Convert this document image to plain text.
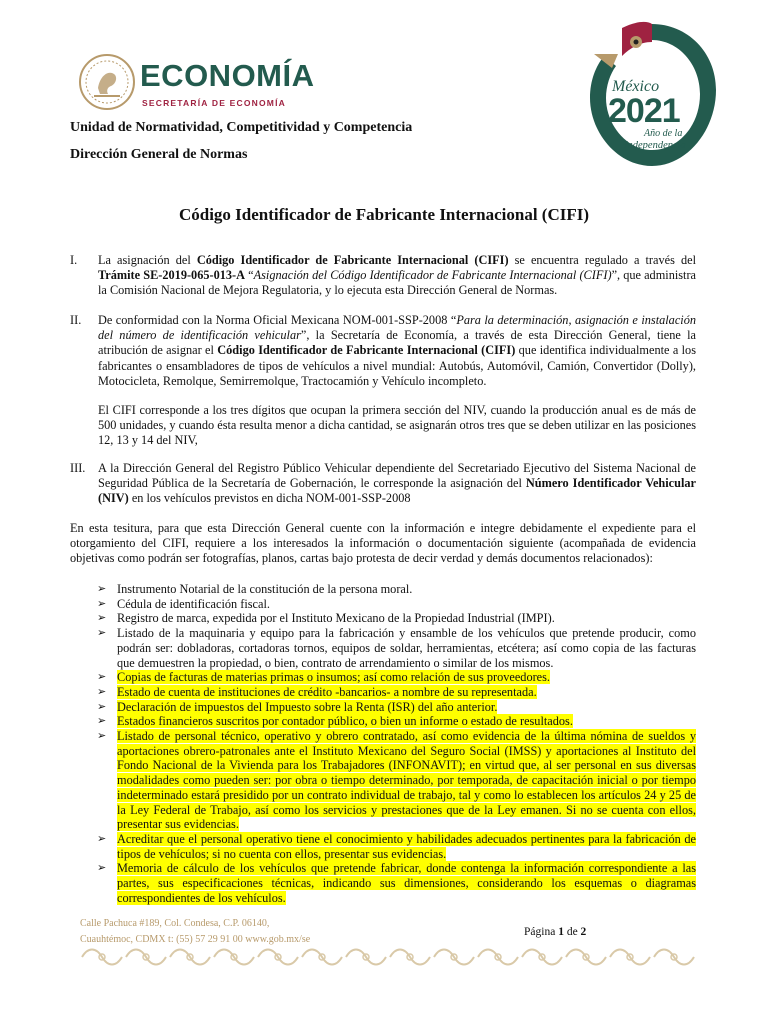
ECONOMÍA
SECRETARÍA DE ECONOMÍA
México
2021
Año de la
Independencia
Unidad de Normatividad, Competitividad y Competencia
Dirección General de Normas
Código Identificador de Fabricante Internacional (CIFI)
I. La asignación del Código Identificador de Fabricante Internacional (CIFI) se encuentra regulado a través del Trámite SE-2019-065-013-A “Asignación del Código Identificador de Fabricante Internacional (CIFI)”, que administra la Comisión Nacional de Mejora Regulatoria, y lo ejecuta esta Dirección General de Normas.
II. De conformidad con la Norma Oficial Mexicana NOM-001-SSP-2008 “Para la determinación, asignación e instalación del número de identificación vehicular”, la Secretaría de Economía, a través de esta Dirección General, tiene la atribución de asignar el Código Identificador de Fabricante Internacional (CIFI) que identifica individualmente a los fabricantes o ensambladores de tipos de vehículos a nivel mundial: Autobús, Automóvil, Camión, Convertidor (Dolly), Motocicleta, Remolque, Semirremolque, Tractocamión y Vehículo incompleto.
El CIFI corresponde a los tres dígitos que ocupan la primera sección del NIV, cuando la producción anual es de más de 500 unidades, y cuando ésta resulta menor a dicha cantidad, se asignarán otros tres que se deben utilizar en las posiciones 12, 13 y 14 del NIV,
III. A la Dirección General del Registro Público Vehicular dependiente del Secretariado Ejecutivo del Sistema Nacional de Seguridad Pública de la Secretaría de Gobernación, le corresponde la asignación del Número Identificador Vehicular (NIV) en los vehículos previstos en dicha NOM-001-SSP-2008
En esta tesitura, para que esta Dirección General cuente con la información e integre debidamente el expediente para el otorgamiento del CIFI, requiere a los interesados la información o documentación siguiente (acompañada de evidencia objetivas como podrán ser fotografías, planos, cartas bajo protesta de decir verdad y demás documentos relacionados):
➢ Instrumento Notarial de la constitución de la persona moral.
➢ Cédula de identificación fiscal.
➢ Registro de marca, expedida por el Instituto Mexicano de la Propiedad Industrial (IMPI).
➢ Listado de la maquinaria y equipo para la fabricación y ensamble de los vehículos que pretende producir, como podrán ser: dobladoras, cortadoras tornos, equipos de soldar, herramientas, etcétera; así como copia de las facturas que demuestren la propiedad, o bien, contrato de arrendamiento o similar de los mismos.
➢ Copias de facturas de materias primas o insumos; así como relación de sus proveedores.
➢ Estado de cuenta de instituciones de crédito -bancarios- a nombre de su representada.
➢ Declaración de impuestos del Impuesto sobre la Renta (ISR) del año anterior.
➢ Estados financieros suscritos por contador público, o bien un informe o estado de resultados.
➢ Listado de personal técnico, operativo y obrero contratado, así como evidencia de la última nómina de sueldos y aportaciones obrero-patronales ante el Instituto Mexicano del Seguro Social (IMSS) y aportaciones al Instituto del Fondo Nacional de la Vivienda para los Trabajadores (INFONAVIT); en virtud que, al ser personal en sus diversas modalidades como pueden ser: por obra o tiempo determinado, por temporada, de capacitación inicial o por tiempo indeterminado estará presidido por un contrato individual de trabajo, tal y como lo establecen los artículos 24 y 25 de la Ley Federal de Trabajo, así como los servicios y prestaciones que de la Ley emanen. Si no se cuenta con ellos, presentar sus evidencias.
➢ Acreditar que el personal operativo tiene el conocimiento y habilidades adecuados pertinentes para la fabricación de tipos de vehículos; si no cuenta con ellos, presentar sus evidencias.
➢ Memoria de cálculo de los vehículos que pretende fabricar, donde contenga la información correspondiente a las partes, sus especificaciones técnicas, indicando sus dimensiones, considerando los esquemas o diagramas correspondientes de los vehículos.
Calle Pachuca #189, Col. Condesa, C.P. 06140,
Cuauhtémoc, CDMX t: (55) 57 29 91 00 www.gob.mx/se
Página 1 de 2
